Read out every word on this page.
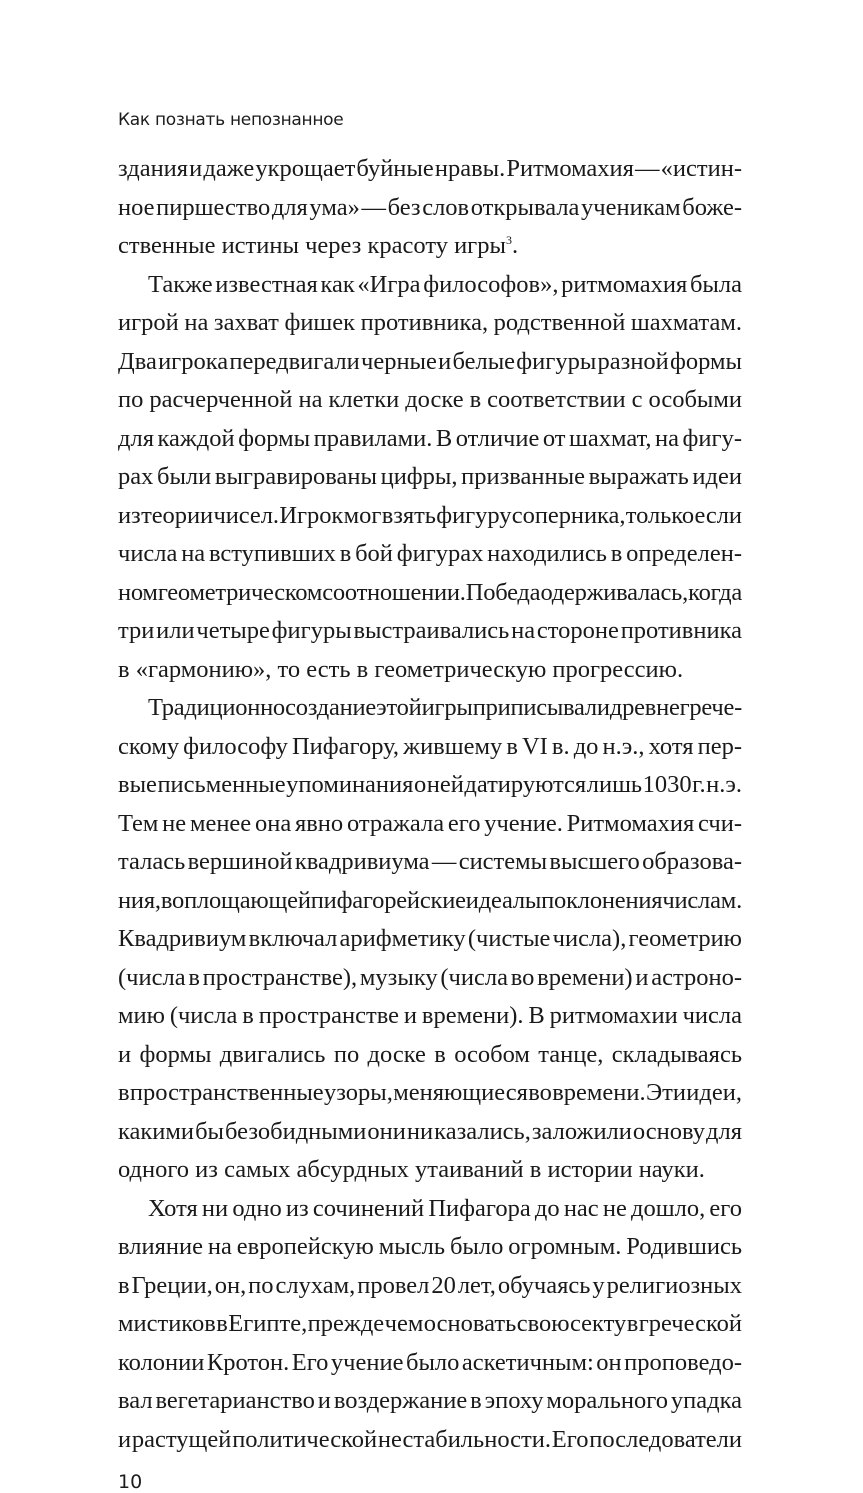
Как познать непознанное
здания и даже укрощает буйные нравы. Ритмомахия — «истин-
ное пиршество для ума» — без слов открывала ученикам боже-
ственные истины через красоту игры$^3$.
Также известная как «Игра философов», ритмомахия была
игрой на захват фишек противника, родственной шахматам.
Два игрока передвигали черные и белые фигуры разной формы
по расчерченной на клетки доске в соответствии с особыми
для каждой формы правилами. В отличие от шахмат, на фигу-
рах были выгравированы цифры, призванные выражать идеи
из теории чисел. Игрок мог взять фигуру соперника, только если
числа на вступивших в бой фигурах находились в определен-
ном геометрическом соотношении. Победа одерживалась, когда
три или четыре фигуры выстраивались на стороне противника
в «гармонию», то есть в геометрическую прогрессию.
Традиционно создание этой игры приписывали древнегрече-
скому философу Пифагору, жившему в VI в. до н.э., хотя пер-
вые письменные упоминания о ней датируются лишь 1030 г. н.э.
Тем не менее она явно отражала его учение. Ритмомахия счи-
талась вершиной квадривиума — системы высшего образова-
ния, воплощающей пифагорейские идеалы поклонения числам.
Квадривиум включал арифметику (чистые числа), геометрию
(числа в пространстве), музыку (числа во времени) и астроно-
мию (числа в пространстве и времени). В ритмомахии числа
и формы двигались по доске в особом танце, складываясь
в пространственные узоры, меняющиеся во времени. Эти идеи,
какими бы безобидными они ни казались, заложили основу для
одного из самых абсурдных утаиваний в истории науки.
Хотя ни одно из сочинений Пифагора до нас не дошло, его
влияние на европейскую мысль было огромным. Родившись
в Греции, он, по слухам, провел 20 лет, обучаясь у религиозных
мистиков в Египте, прежде чем основать свою секту в греческой
колонии Кротон. Его учение было аскетичным: он проповедо-
вал вегетарианство и воздержание в эпоху морального упадка
и растущей политической нестабильности. Его последователи
10
